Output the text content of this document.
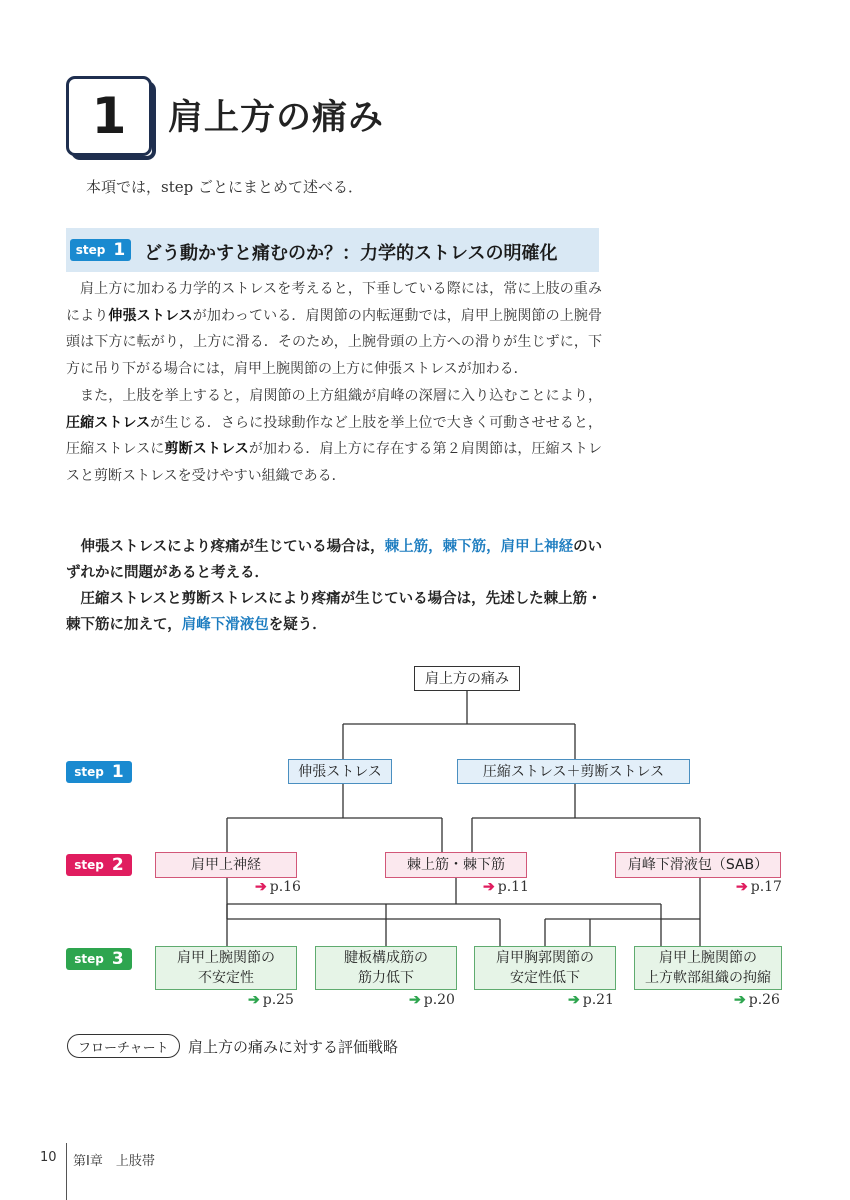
1 肩上方の痛み
本項では，step ごとにまとめて述べる．
step 1 どう動かすと痛むのか？：力学的ストレスの明確化

肩上方に加わる力学的ストレスを考えると，下垂している際には，常に上肢の重みにより伸張ストレスが加わっている．肩関節の内転運動では，肩甲上腕関節の上腕骨頭は下方に転がり，上方に滑る．そのため，上腕骨頭の上方への滑りが生じずに，下方に吊り下がる場合には，肩甲上腕関節の上方に伸張ストレスが加わる．

また，上肢を挙上すると，肩関節の上方組織が肩峰の深層に入り込むことにより，圧縮ストレスが生じる．さらに投球動作など上肢を挙上位で大きく可動させせると，圧縮ストレスに剪断ストレスが加わる．肩上方に存在する第２肩関節は，圧縮ストレスと剪断ストレスを受けやすい組織である．

伸張ストレスにより疼痛が生じている場合は，棘上筋，棘下筋，肩甲上神経のいずれかに問題があると考える．

圧縮ストレスと剪断ストレスにより疼痛が生じている場合は，先述した棘上筋・棘下筋に加えて，肩峰下滑液包を疑う．

肩上方の痛み
step 1
step 2
step 3
伸張ストレス	圧縮ストレス＋剪断ストレス
肩甲上神経	棘上筋・棘下筋	肩峰下滑液包（SAB）
➔ p.16	➔ p.11	➔ p.17
肩甲上腕関節の
不安定性
腱板構成筋の
筋力低下
肩甲胸郭関節の
安定性低下
肩甲上腕関節の
上方軟部組織の拘縮
➔ p.25	➔ p.20	➔ p.21	➔ p.26
フローチャート	肩上方の痛みに対する評価戦略
10 第Ⅰ章　上肢帯
